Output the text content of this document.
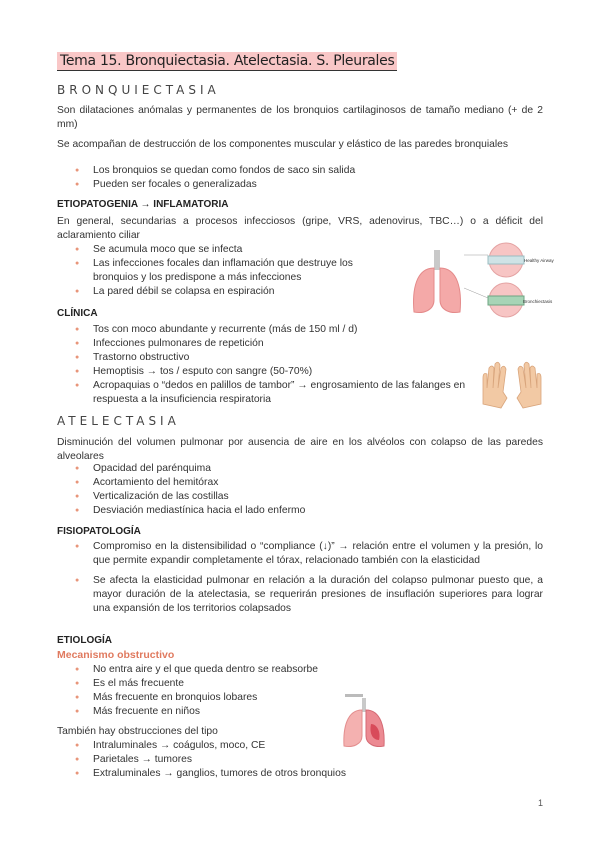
Tema 15. Bronquiectasia. Atelectasia. S. Pleurales
BRONQUIECTASIA
Son dilataciones anómalas y permanentes de los bronquios cartilaginosos de tamaño mediano (+ de 2 mm)
Se acompañan de destrucción de los componentes muscular y elástico de las paredes bronquiales
● Los bronquios se quedan como fondos de saco sin salida
● Pueden ser focales o generalizadas
ETIOPATOGENIA → INFLAMATORIA
En general, secundarias a procesos infecciosos (gripe, VRS, adenovirus, TBC…) o a déficit del aclaramiento ciliar
● Se acumula moco que se infecta
● Las infecciones focales dan inflamación que destruye los bronquios y los predispone a más infecciones
● La pared débil se colapsa en espiración
Healthy Airway
Bronchiectasis
CLÍNICA
● Tos con moco abundante y recurrente (más de 150 ml / d)
● Infecciones pulmonares de repetición
● Trastorno obstructivo
● Hemoptisis → tos / esputo con sangre (50-70%)
● Acropaquias o “dedos en palillos de tambor” → engrosamiento de las falanges en respuesta a la insuficiencia respiratoria
ATELECTASIA
Disminución del volumen pulmonar por ausencia de aire en los alvéolos con colapso de las paredes alveolares
● Opacidad del parénquima
● Acortamiento del hemitórax
● Verticalización de las costillas
● Desviación mediastínica hacia el lado enfermo
FISIOPATOLOGÍA
● Compromiso en la distensibilidad o “compliance (↓)” → relación entre el volumen y la presión, lo que permite expandir completamente el tórax, relacionado también con la elasticidad
● Se afecta la elasticidad pulmonar en relación a la duración del colapso pulmonar puesto que, a mayor duración de la atelectasia, se requerirán presiones de insuflación superiores para lograr una expansión de los territorios colapsados
ETIOLOGÍA
Mecanismo obstructivo
● No entra aire y el que queda dentro se reabsorbe
● Es el más frecuente
● Más frecuente en bronquios lobares
● Más frecuente en niños
También hay obstrucciones del tipo
● Intraluminales → coágulos, moco, CE
● Parietales → tumores
● Extraluminales → ganglios, tumores de otros bronquios
1
